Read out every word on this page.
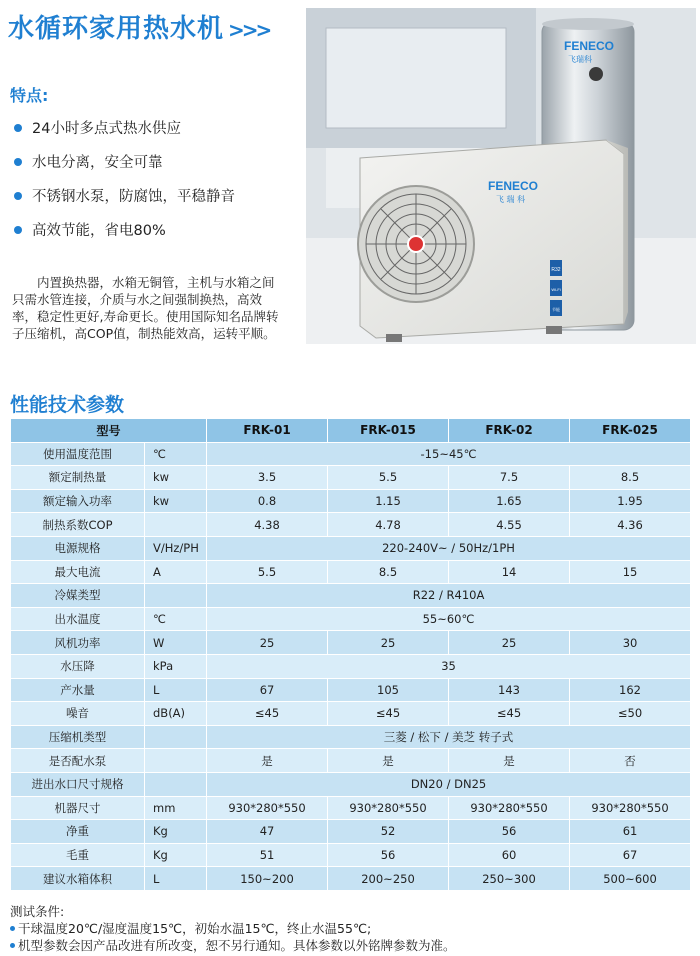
水循环家用热水机 >>>
特点:
24小时多点式热水供应
水电分离，安全可靠
不锈钢水泵，防腐蚀，平稳静音
高效节能，省电80%
内置换热器，水箱无铜管，主机与水箱之间只需水管连接，介质与水之间强制换热，高效率，稳定性更好,寿命更长。使用国际知名品牌转子压缩机，高COP值，制热能效高，运转平顺。
FENECO
飞瑞科
FENECO
飞 瑞 科
R32
Wi-Fi
节能
性能技术参数
型号		FRK-01	FRK-015	FRK-02	FRK-025
使用温度范围	℃	-15~45℃			
额定制热量	kw	3.5	5.5	7.5	8.5
额定输入功率	kw	0.8	1.15	1.65	1.95
制热系数COP		4.38	4.78	4.55	4.36
电源规格	V/Hz/PH	220-240V~ / 50Hz/1PH			
最大电流	A	5.5	8.5	14	15
冷媒类型		R22 / R410A			
出水温度	℃	55~60℃			
风机功率	W	25	25	25	30
水压降	kPa	35			
产水量	L	67	105	143	162
噪音	dB(A)	≤45	≤45	≤45	≤50
压缩机类型		三菱 / 松下 / 美芝 转子式			
是否配水泵		是	是	是	否
进出水口尺寸规格		DN20 / DN25			
机器尺寸	mm	930*280*550	930*280*550	930*280*550	930*280*550
净重	Kg	47	52	56	61
毛重	Kg	51	56	60	67
建议水箱体积	L	150~200	200~250	250~300	500~600
测试条件:
干球温度20℃/湿度温度15℃，初始水温15℃，终止水温55℃;
机型参数会因产品改进有所改变，恕不另行通知。具体参数以外铭牌参数为准。
